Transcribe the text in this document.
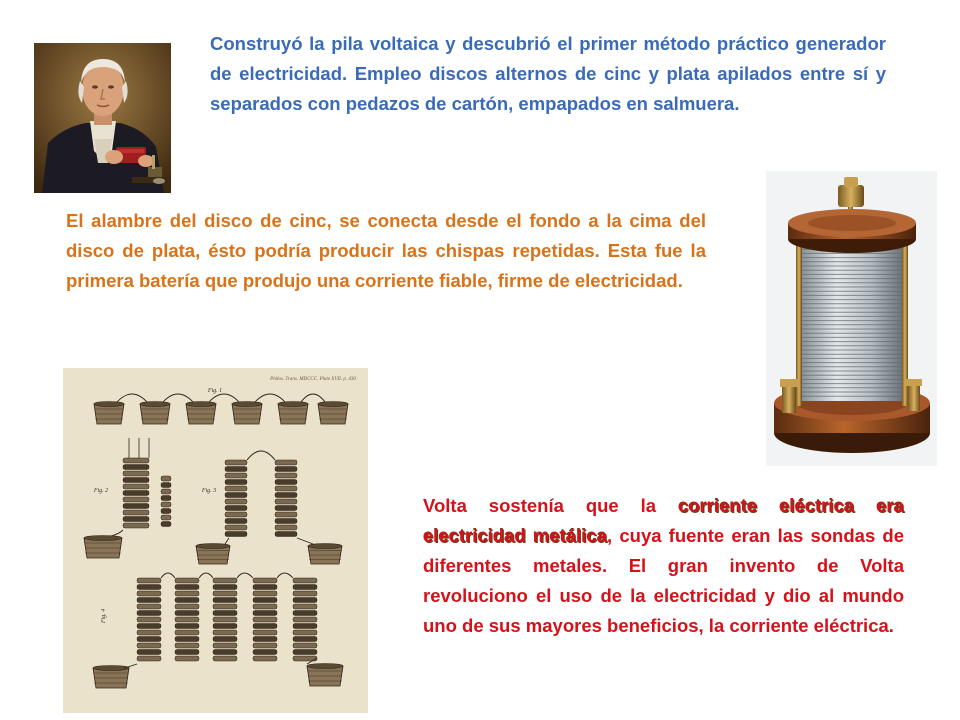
Philos. Trans. MDCCC. Plate XVII. p. 430
Fig. 1
Fig. 2	Fig. 3
Fig. 4

Construyó la pila voltaica y descubrió el primer método práctico generador de electricidad. Empleo discos alternos de cinc y plata apilados entre sí y separados con pedazos de cartón, empapados en salmuera.

El alambre del disco de cinc, se conecta desde el fondo a la cima del disco de plata, ésto podría producir las chispas repetidas. Esta fue la primera batería que produjo una corriente fiable, firme de electricidad.

Volta sostenía que la corriente eléctrica era electricidad metálica, cuya fuente eran las sondas de diferentes metales. El gran invento de Volta revoluciono el uso de la electricidad y dio al mundo uno de sus mayores beneficios, la corriente eléctrica.
